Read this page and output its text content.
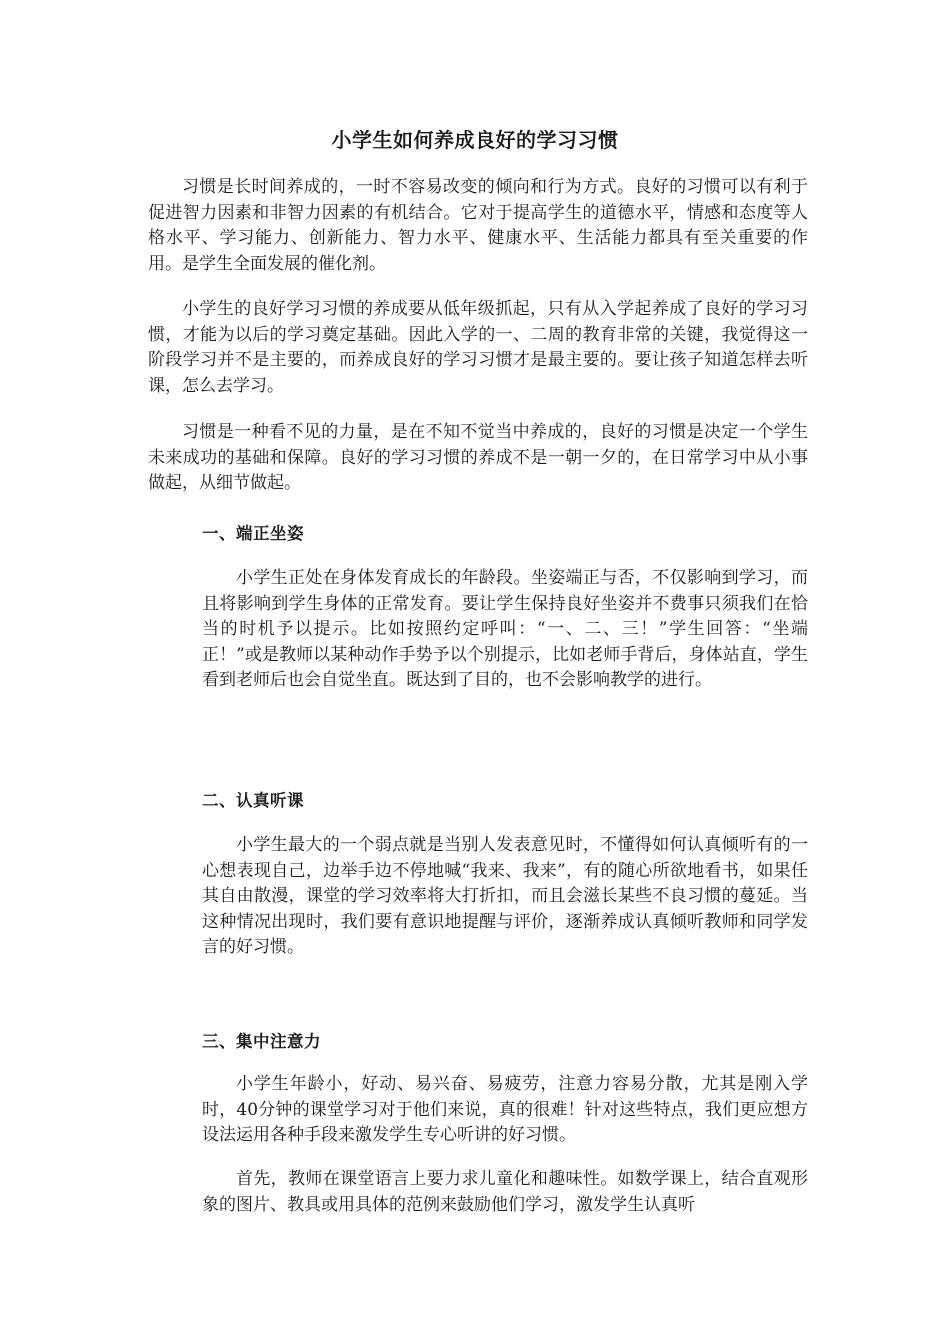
小学生如何养成良好的学习习惯

习惯是长时间养成的，一时不容易改变的倾向和行为方式。良好的习惯可以有利于促进智力因素和非智力因素的有机结合。它对于提高学生的道德水平，情感和态度等人格水平、学习能力、创新能力、智力水平、健康水平、生活能力都具有至关重要的作用。是学生全面发展的催化剂。

小学生的良好学习习惯的养成要从低年级抓起，只有从入学起养成了良好的学习习惯，才能为以后的学习奠定基础。因此入学的一、二周的教育非常的关键，我觉得这一阶段学习并不是主要的，而养成良好的学习习惯才是最主要的。要让孩子知道怎样去听课，怎么去学习。

习惯是一种看不见的力量，是在不知不觉当中养成的，良好的习惯是决定一个学生未来成功的基础和保障。良好的学习习惯的养成不是一朝一夕的，在日常学习中从小事做起，从细节做起。

一、端正坐姿

小学生正处在身体发育成长的年龄段。坐姿端正与否，不仅影响到学习，而且将影响到学生身体的正常发育。要让学生保持良好坐姿并不费事只须我们在恰当的时机予以提示。比如按照约定呼叫：“一、二、三！”学生回答：“坐端正！”或是教师以某种动作手势予以个别提示，比如老师手背后，身体站直，学生看到老师后也会自觉坐直。既达到了目的，也不会影响教学的进行。

二、认真听课

小学生最大的一个弱点就是当别人发表意见时，不懂得如何认真倾听有的一心想表现自己，边举手边不停地喊“我来、我来”，有的随心所欲地看书，如果任其自由散漫，课堂的学习效率将大打折扣，而且会滋长某些不良习惯的蔓延。当这种情况出现时，我们要有意识地提醒与评价，逐渐养成认真倾听教师和同学发言的好习惯。

三、集中注意力

小学生年龄小，好动、易兴奋、易疲劳，注意力容易分散，尤其是刚入学时，40分钟的课堂学习对于他们来说，真的很难！针对这些特点，我们更应想方设法运用各种手段来激发学生专心听讲的好习惯。

首先，教师在课堂语言上要力求儿童化和趣味性。如数学课上，结合直观形象的图片、教具或用具体的范例来鼓励他们学习，激发学生认真听
